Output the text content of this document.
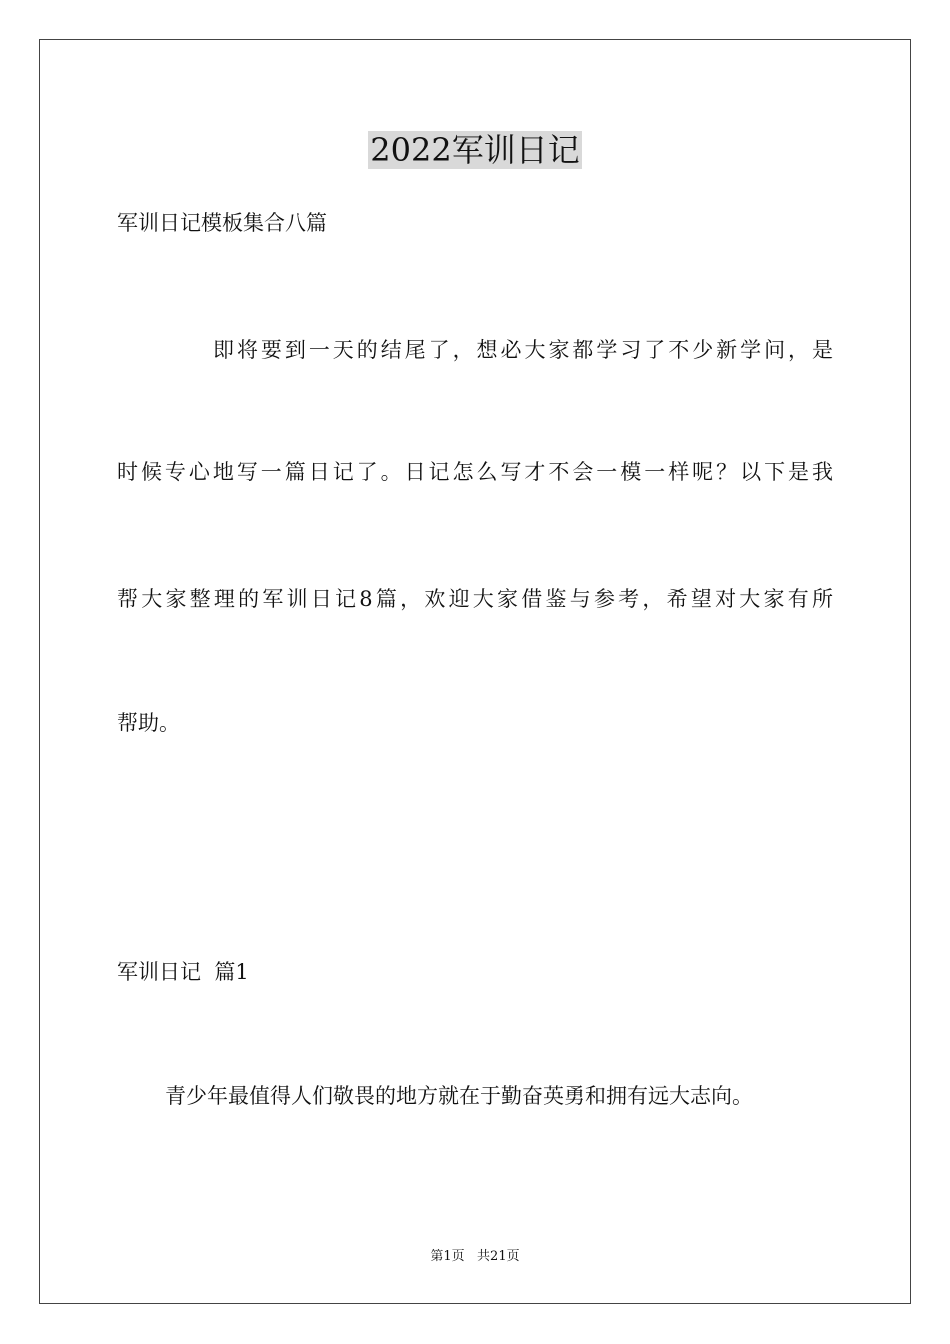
2022军训日记
军训日记模板集合八篇
即将要到一天的结尾了，想必大家都学习了不少新学问，是
时候专心地写一篇日记了。日记怎么写才不会一模一样呢？以下是我
帮大家整理的军训日记8篇，欢迎大家借鉴与参考，希望对大家有所
帮助。
军训日记  篇1
青少年最值得人们敬畏的地方就在于勤奋英勇和拥有远大志向。
第1页   共21页
